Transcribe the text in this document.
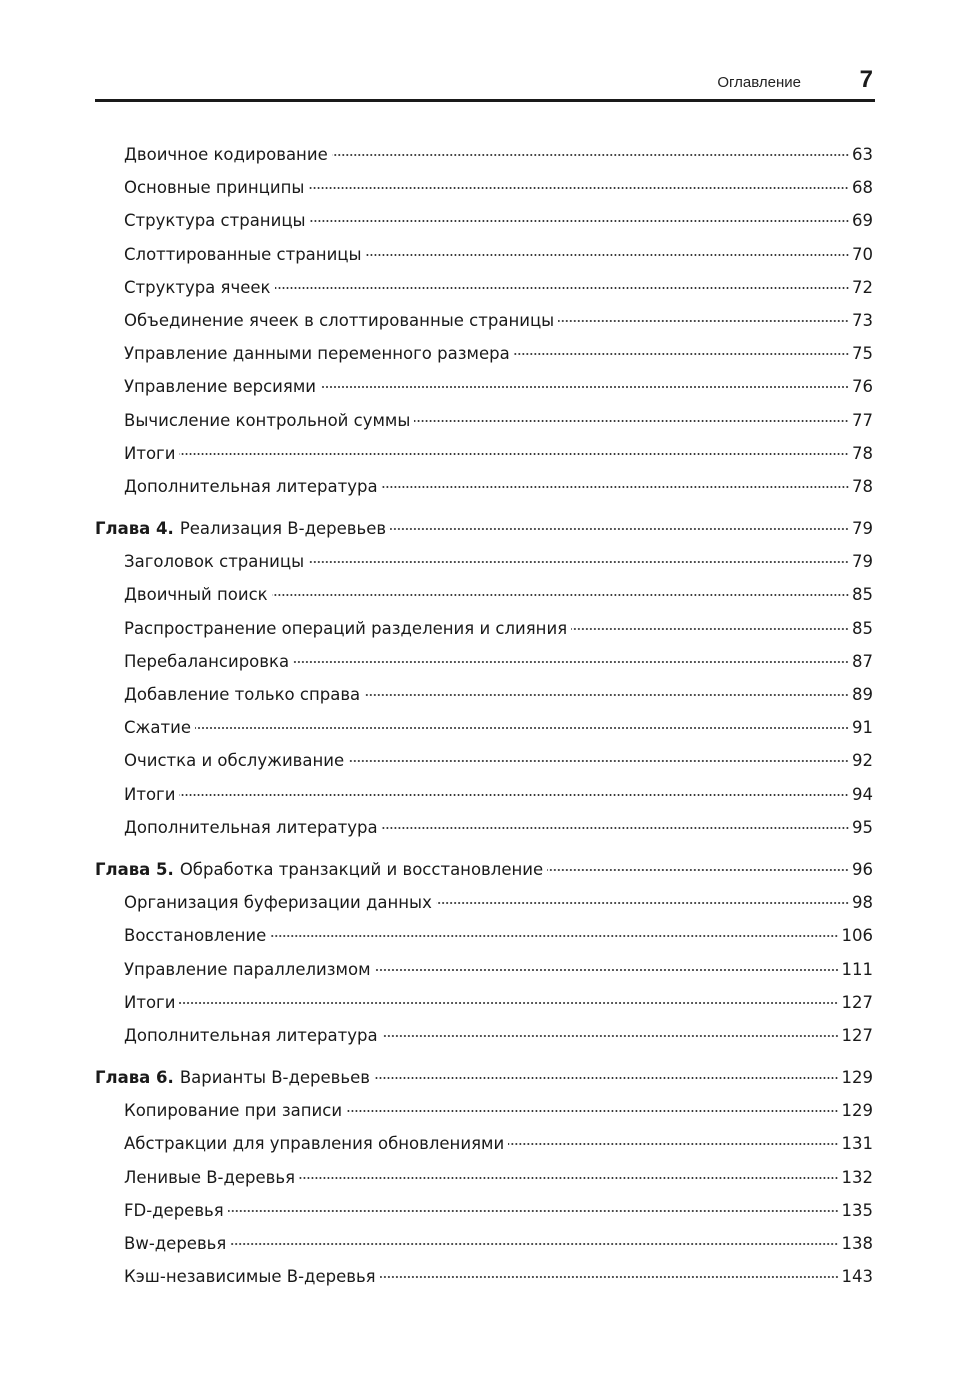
Оглавление 7
Двоичное кодирование	63
Основные принципы	68
Структура страницы	69
Слоттированные страницы	70
Структура ячеек	72
Объединение ячеек в слоттированные страницы	73
Управление данными переменного размера	75
Управление версиями	76
Вычисление контрольной суммы	77
Итоги	78
Дополнительная литература	78
Глава 4. Реализация B-деревьев	79
Заголовок страницы	79
Двоичный поиск	85
Распространение операций разделения и слияния	85
Перебалансировка	87
Добавление только справа	89
Сжатие	91
Очистка и обслуживание	92
Итоги	94
Дополнительная литература	95
Глава 5. Обработка транзакций и восстановление	96
Организация буферизации данных	98
Восстановление	106
Управление параллелизмом	111
Итоги	127
Дополнительная литература	127
Глава 6. Варианты B-деревьев	129
Копирование при записи	129
Абстракции для управления обновлениями	131
Ленивые B-деревья	132
FD-деревья	135
Bw-деревья	138
Кэш-независимые B-деревья	143
